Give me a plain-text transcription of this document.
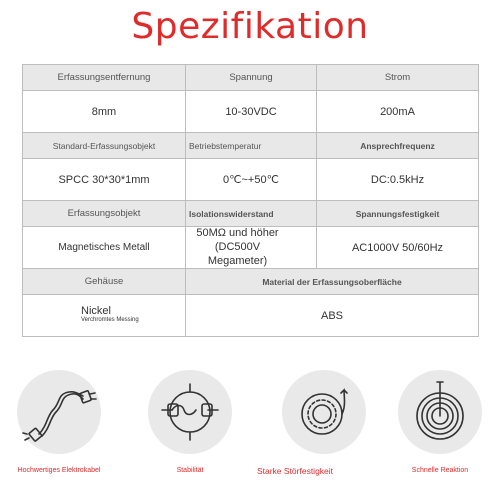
Spezifikation
Erfassungsentfernung	Spannung	Strom
8mm	10-30VDC	200mA
Standard-Erfassungsobjekt	Betriebstemperatur	Ansprechfrequenz
SPCC 30*30*1mm	0℃~+50℃	DC:0.5kHz
Erfassungsobjekt	Isolationswiderstand	Spannungsfestigkeit
Magnetisches Metall	50MΩ und höher (DC500V Megameter)	AC1000V 50/60Hz
Gehäuse	Material der Erfassungsoberfläche	

Nickel
Verchromtes Messing	ABS	
Hochwertiges Elektrokabel	Stabilität	Starke Störfestigkeit	Schnelle Reaktion
